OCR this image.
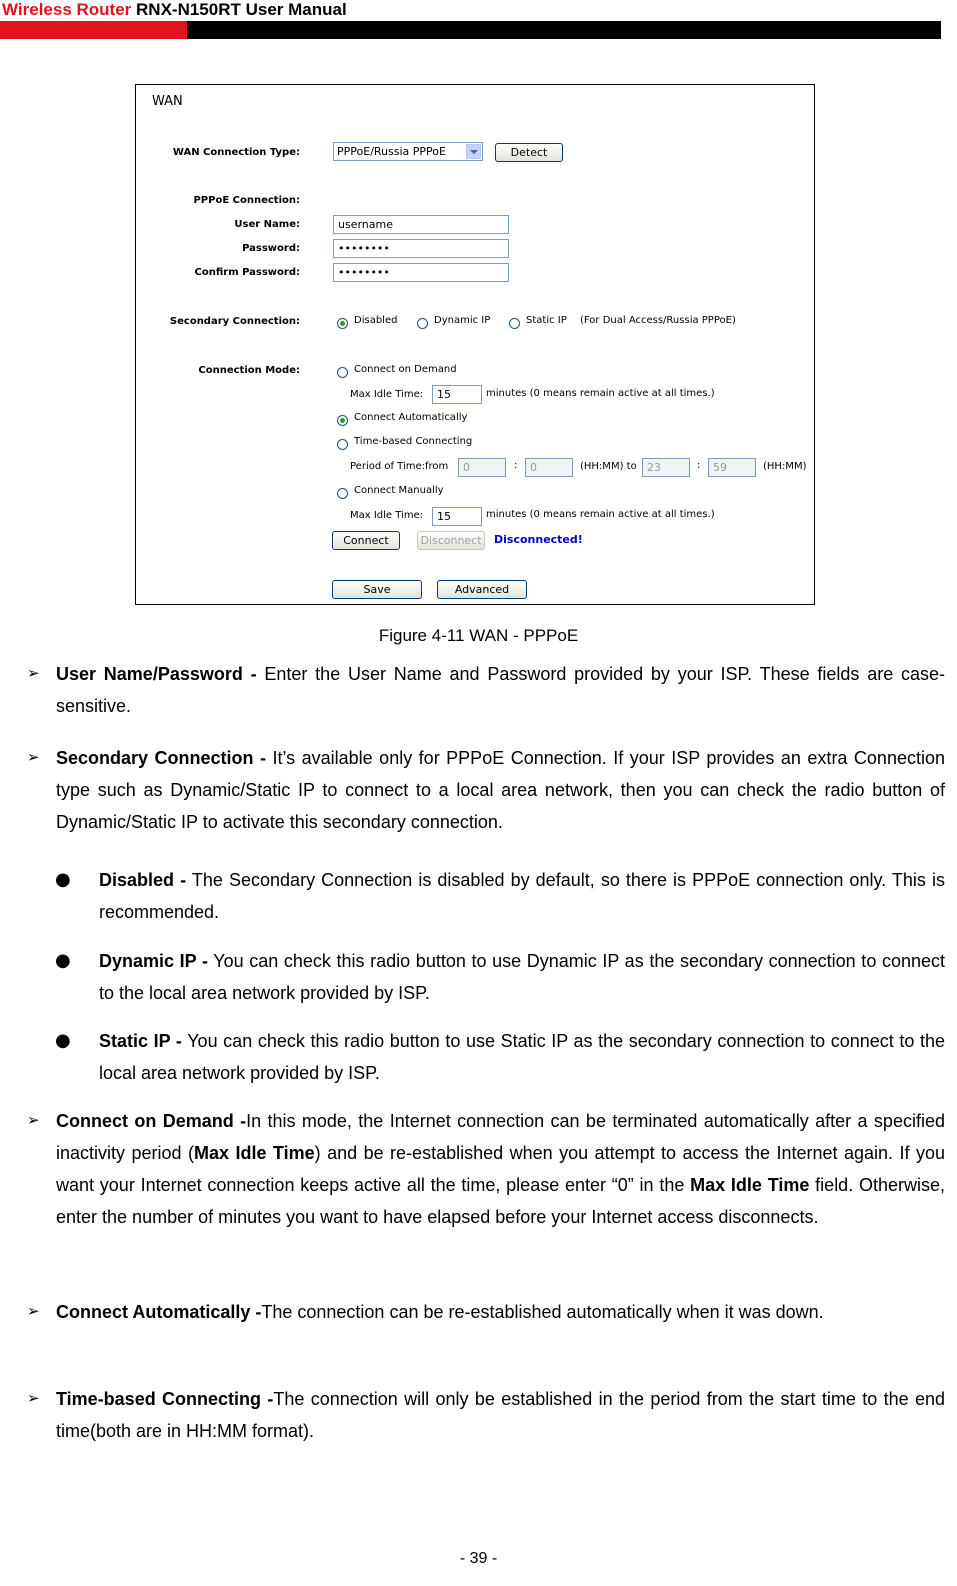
Wireless Router RNX-N150RT User Manual
WAN
WAN Connection Type:	PPPoE/Russia PPPoE	Detect
PPPoE Connection:
User Name:	username
Password:	••••••••
Confirm Password:	••••••••
Secondary Connection:	Disabled	Dynamic IP	Static IP (For Dual Access/Russia PPPoE)
Connection Mode:	Connect on Demand
Max Idle Time:	15	minutes (0 means remain active at all times.)
Connect Automatically
Time-based Connecting
Period of Time:from	0	:	0	(HH:MM) to 23	:	59	(HH:MM)
Connect Manually
Max Idle Time:	15	minutes (0 means remain active at all times.)
Connect	Disconnect	Disconnected!
Save	Advanced
Figure 4-11 WAN - PPPoE
➢ User Name/Password - Enter the User Name and Password provided by your ISP. These fields are case-sensitive.
➢ Secondary Connection - It’s available only for PPPoE Connection. If your ISP provides an extra Connection type such as Dynamic/Static IP to connect to a local area network, then you can check the radio button of Dynamic/Static IP to activate this secondary connection.
● Disabled - The Secondary Connection is disabled by default, so there is PPPoE connection only. This is recommended.
● Dynamic IP - You can check this radio button to use Dynamic IP as the secondary connection to connect to the local area network provided by ISP.
● Static IP - You can check this radio button to use Static IP as the secondary connection to connect to the local area network provided by ISP.
➢ Connect on Demand -In this mode, the Internet connection can be terminated automatically after a specified inactivity period (Max Idle Time) and be re-established when you attempt to access the Internet again. If you want your Internet connection keeps active all the time, please enter “0” in the Max Idle Time field. Otherwise, enter the number of minutes you want to have elapsed before your Internet access disconnects.
➢ Connect Automatically -The connection can be re-established automatically when it was down.
➢ Time-based Connecting -The connection will only be established in the period from the start time to the end time(both are in HH:MM format).
- 39 -
